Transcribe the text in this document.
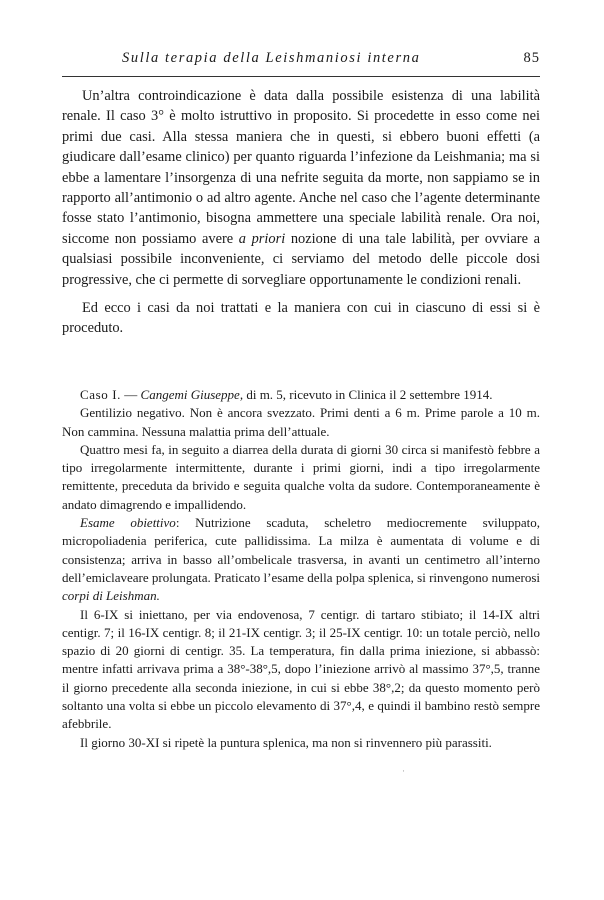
Sulla terapia della Leishmaniosi interna	85

Un’altra controindicazione è data dalla possibile esistenza di una labilità renale. Il caso 3° è molto istruttivo in proposito. Si procedette in esso come nei primi due casi. Alla stessa maniera che in questi, si ebbero buoni effetti (a giudicare dall’esame clinico) per quanto riguarda l’infezione da Leishmania; ma si ebbe a lamentare l’insorgenza di una nefrite seguita da morte, non sappiamo se in rapporto all’antimonio o ad altro agente. Anche nel caso che l’agente determinante fosse stato l’antimonio, bisogna ammettere una speciale labilità renale. Ora noi, siccome non possiamo avere a priori nozione di una tale labilità, per ovviare a qualsiasi possibile inconveniente, ci serviamo del metodo delle piccole dosi progressive, che ci permette di sorvegliare opportunamente le condizioni renali.

Ed ecco i casi da noi trattati e la maniera con cui in ciascuno di essi si è proceduto.

Caso I. — Cangemi Giuseppe, di m. 5, ricevuto in Clinica il 2 settembre 1914.

Gentilizio negativo. Non è ancora svezzato. Primi denti a 6 m. Prime parole a 10 m. Non cammina. Nessuna malattia prima dell’attuale.

Quattro mesi fa, in seguito a diarrea della durata di giorni 30 circa si manifestò febbre a tipo irregolarmente intermittente, durante i primi giorni, indi a tipo irregolarmente remittente, preceduta da brivido e seguita qualche volta da sudore. Contemporaneamente è andato dimagrendo e impallidendo.

Esame obiettivo: Nutrizione scaduta, scheletro mediocremente sviluppato, micropoliadenia periferica, cute pallidissima. La milza è aumentata di volume e di consistenza; arriva in basso all’ombelicale trasversa, in avanti un centimetro all’interno dell’emiclaveare prolungata. Praticato l’esame della polpa splenica, si rinvengono numerosi corpi di Leishman.

Il 6-IX si iniettano, per via endovenosa, 7 centigr. di tartaro stibiato; il 14-IX altri centigr. 7; il 16-IX centigr. 8; il 21-IX centigr. 3; il 25-IX centigr. 10: un totale perciò, nello spazio di 20 giorni di centigr. 35. La temperatura, fin dalla prima iniezione, si abbassò: mentre infatti arrivava prima a 38°-38°,5, dopo l’iniezione arrivò al massimo 37°,5, tranne il giorno precedente alla seconda iniezione, in cui si ebbe 38°,2; da questo momento però soltanto una volta si ebbe un piccolo elevamento di 37°,4, e quindi il bambino restò sempre afebbrile.

Il giorno 30-XI si ripetè la puntura splenica, ma non si rinvennero più parassiti.

·
